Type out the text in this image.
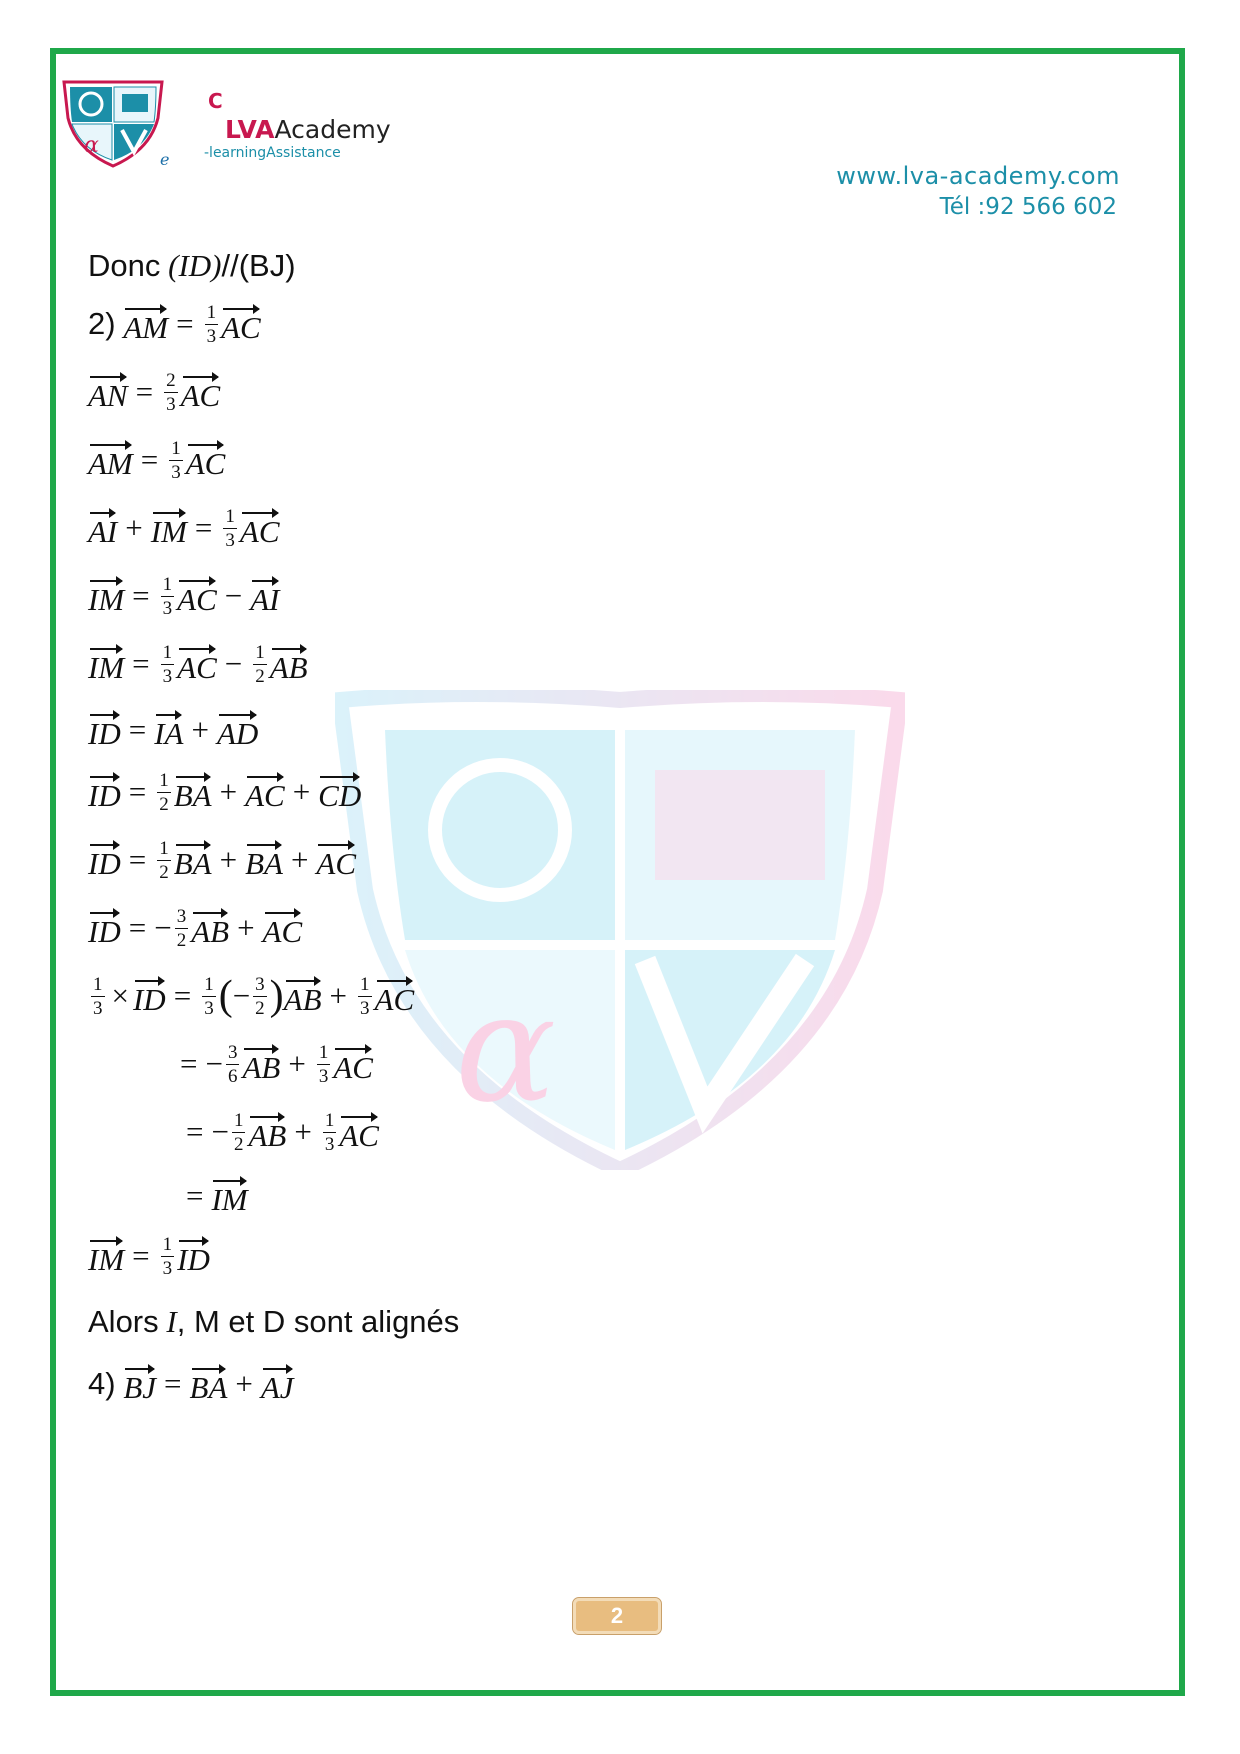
α
C
LVAAcademy
-learningAssistance
e
www.lva-academy.com
Tél :92 566 602
α
Donc
(ID) //(BJ)
2)
AM = $\frac{1}{3}$ AC
AN = $\frac{2}{3}$ AC
AM = $\frac{1}{3}$ AC
AI + IM = $\frac{1}{3}$ AC
IM = $\frac{1}{3}$ AC − AI
IM = $\frac{1}{3}$ AC − $\frac{1}{2}$ AB
ID = IA + AD
ID = $\frac{1}{2}$ BA + AC + CD
ID = $\frac{1}{2}$ BA + BA + AC
ID = − $\frac{3}{2}$ AB + AC
$\frac{1}{3}$ × ID = $\frac{1}{3}$ ( − $\frac{3}{2}$ ) AB + $\frac{1}{3}$ AC
= − $\frac{3}{6}$ AB + $\frac{1}{3}$ AC
= − $\frac{1}{2}$ AB + $\frac{1}{3}$ AC
= IM
IM = $\frac{1}{3}$ ID
Alors
I , M et D sont alignés
4)
BJ = BA + AJ
2
